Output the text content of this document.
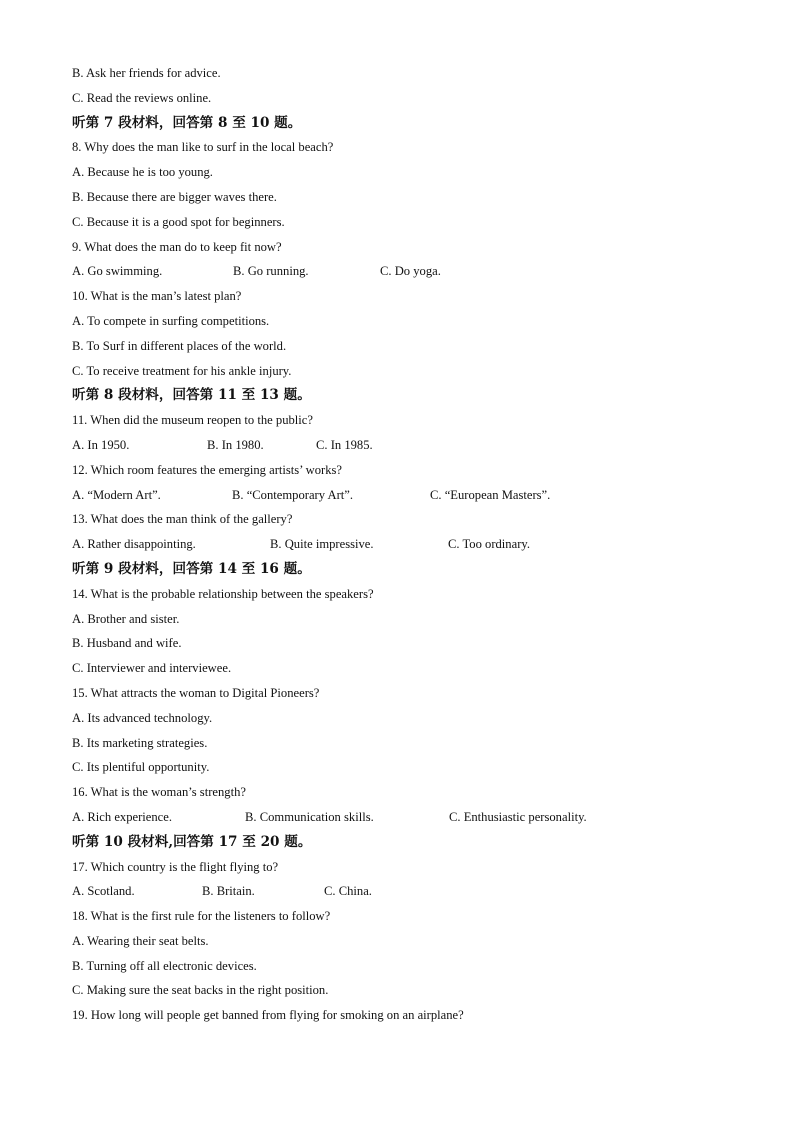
B. Ask her friends for advice.
C. Read the reviews online.
听第 7 段材料，回答第 8 至 10 题。
8. Why does the man like to surf in the local beach?
A. Because he is too young.
B. Because there are bigger waves there.
C. Because it is a good spot for beginners.
9. What does the man do to keep fit now?
A. Go swimming.	B. Go running.	C. Do yoga.
10. What is the man’s latest plan?
A. To compete in surfing competitions.
B. To Surf in different places of the world.
C. To receive treatment for his ankle injury.
听第 8 段材料，回答第 11 至 13 题。
11. When did the museum reopen to the public?
A. In 1950.	B. In 1980.	C. In 1985.
12. Which room features the emerging artists’ works?
A. “Modern Art”.	B. “Contemporary Art”.	C. “European Masters”.
13. What does the man think of the gallery?
A. Rather disappointing.	B. Quite impressive.	C. Too ordinary.
听第 9 段材料，回答第 14 至 16 题。
14. What is the probable relationship between the speakers?
A. Brother and sister.
B. Husband and wife.
C. Interviewer and interviewee.
15. What attracts the woman to Digital Pioneers?
A. Its advanced technology.
B. Its marketing strategies.
C. Its plentiful opportunity.
16. What is the woman’s strength?
A. Rich experience.	B. Communication skills.	C. Enthusiastic personality.
听第 10 段材料,回答第 17 至 20 题。
17. Which country is the flight flying to?
A. Scotland.	B. Britain.	C. China.
18. What is the first rule for the listeners to follow?
A. Wearing their seat belts.
B. Turning off all electronic devices.
C. Making sure the seat backs in the right position.
19. How long will people get banned from flying for smoking on an airplane?
